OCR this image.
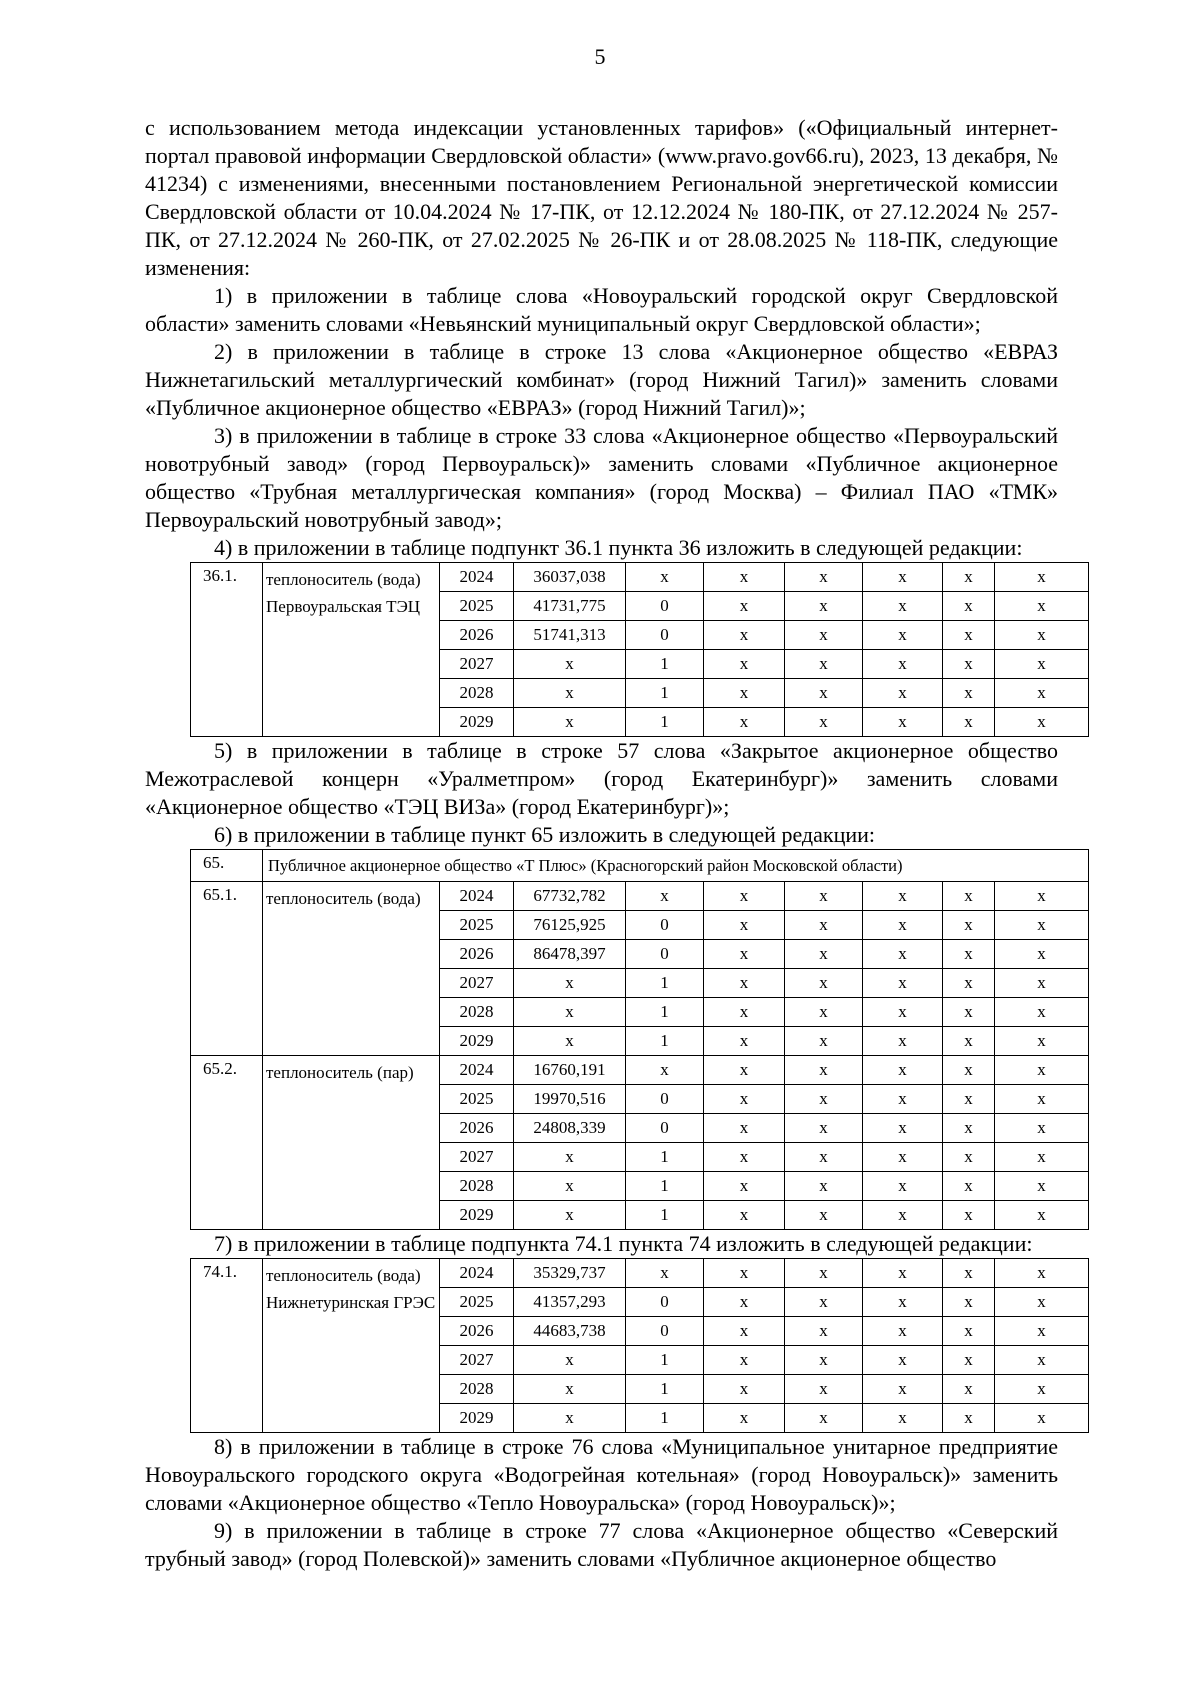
5

с использованием метода индексации установленных тарифов» («Официальный интернет-портал правовой информации Свердловской области» (www.pravo.gov66.ru), 2023, 13 декабря, № 41234) с изменениями, внесенными постановлением Региональной энергетической комиссии Свердловской области от 10.04.2024 № 17-ПК, от 12.12.2024 № 180-ПК, от 27.12.2024 № 257-ПК, от 27.12.2024 № 260-ПК, от 27.02.2025 № 26-ПК и от 28.08.2025 № 118-ПК, следующие изменения:

1) в приложении в таблице слова «Новоуральский городской округ Свердловской области» заменить словами «Невьянский муниципальный округ Свердловской области»;

2) в приложении в таблице в строке 13 слова «Акционерное общество «ЕВРАЗ Нижнетагильский металлургический комбинат» (город Нижний Тагил)» заменить словами «Публичное акционерное общество «ЕВРАЗ» (город Нижний Тагил)»;

3) в приложении в таблице в строке 33 слова «Акционерное общество «Первоуральский новотрубный завод» (город Первоуральск)» заменить словами «Публичное акционерное общество «Трубная металлургическая компания» (город Москва) – Филиал ПАО «ТМК» Первоуральский новотрубный завод»;

4) в приложении в таблице подпункт 36.1 пункта 36 изложить в следующей редакции:

36.1.	теплоноситель (вода) Первоуральская ТЭЦ	2024	36037,038	х	х	х	х	х	х
		2025	41731,775	0	х	х	х	х	х
		2026	51741,313	0	х	х	х	х	х
		2027	х	1	х	х	х	х	х
		2028	х	1	х	х	х	х	х
		2029	х	1	х	х	х	х	х

5) в приложении в таблице в строке 57 слова «Закрытое акционерное общество Межотраслевой концерн «Уралметпром» (город Екатеринбург)» заменить словами «Акционерное общество «ТЭЦ ВИЗа» (город Екатеринбург)»;

6) в приложении в таблице пункт 65 изложить в следующей редакции:

65.	Публичное акционерное общество «Т Плюс» (Красногорский район Московской области)								
65.1.	теплоноситель (вода)	2024	67732,782	х	х	х	х	х	х
		2025	76125,925	0	х	х	х	х	х
		2026	86478,397	0	х	х	х	х	х
		2027	х	1	х	х	х	х	х
		2028	х	1	х	х	х	х	х
		2029	х	1	х	х	х	х	х
65.2.	теплоноситель (пар)	2024	16760,191	х	х	х	х	х	х
		2025	19970,516	0	х	х	х	х	х
		2026	24808,339	0	х	х	х	х	х
		2027	х	1	х	х	х	х	х
		2028	х	1	х	х	х	х	х
		2029	х	1	х	х	х	х	х

7) в приложении в таблице подпункта 74.1 пункта 74 изложить в следующей редакции:

74.1.	теплоноситель (вода) Нижнетуринская ГРЭС	2024	35329,737	х	х	х	х	х	х
		2025	41357,293	0	х	х	х	х	х
		2026	44683,738	0	х	х	х	х	х
		2027	х	1	х	х	х	х	х
		2028	х	1	х	х	х	х	х
		2029	х	1	х	х	х	х	х

8) в приложении в таблице в строке 76 слова «Муниципальное унитарное предприятие Новоуральского городского округа «Водогрейная котельная» (город Новоуральск)» заменить словами «Акционерное общество «Тепло Новоуральска» (город Новоуральск)»;

9) в приложении в таблице в строке 77 слова «Акционерное общество «Северский трубный завод» (город Полевской)» заменить словами «Публичное акционерное общество
